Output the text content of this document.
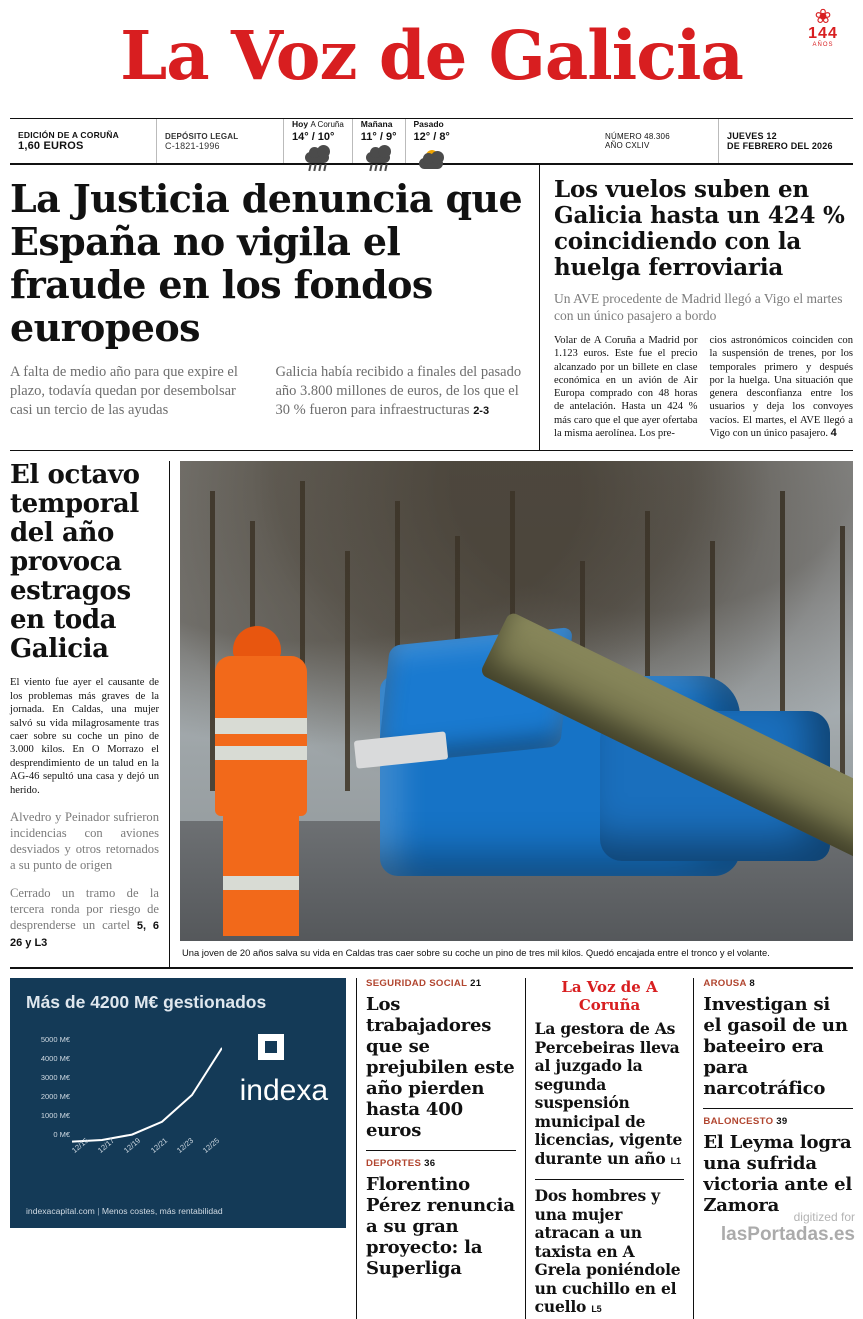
La Voz de Galicia	❀
144
AÑOS
EDICIÓN DE A CORUÑA
1,60 EUROS
DEPÓSITO LEGAL
C-1821-1996
Hoy A Coruña
14° / 10°
Mañana
11° / 9°
Pasado
12° / 8°	NÚMERO 48.306
AÑO CXLIV
JUEVES 12
DE FEBRERO DEL 2026
La Justicia denuncia que España no vigila el fraude en los fondos europeos

A falta de medio año para que expire el plazo, todavía quedan por desembolsar casi un tercio de las ayudas

Galicia había recibido a finales del pasado año 3.800 millones de euros, de los que el 30 % fueron para infraestructuras 2-3

Los vuelos suben en Galicia hasta un 424 % coincidiendo con la huelga ferroviaria

Un AVE procedente de Madrid llegó a Vigo el martes con un único pasajero a bordo

Volar de A Coruña a Madrid por 1.123 euros. Este fue el precio alcanzado por un billete en clase económica en un avión de Air Europa comprado con 48 horas de antelación. Hasta un 424 % más caro que el que ayer ofertaba la misma aerolínea. Los pre-

cios astronómicos coinciden con la suspensión de trenes, por los temporales primero y después por la huelga. Una situación que genera desconfianza entre los usuarios y deja los convoyes vacíos. El martes, el AVE llegó a Vigo con un único pasajero. 4

El octavo temporal del año provoca estragos en toda Galicia

El viento fue ayer el causante de los problemas más graves de la jornada. En Caldas, una mujer salvó su vida milagrosamente tras caer sobre su coche un pino de 3.000 kilos. En O Morrazo el desprendimiento de un talud en la AG-46 sepultó una casa y dejó un herido.

Alvedro y Peinador sufrieron incidencias con aviones desviados y otros retornados a su punto de origen

Cerrado un tramo de la tercera ronda por riesgo de desprenderse un cartel 5, 6 26 y L3

Una joven de 20 años salva su vida en Caldas tras caer sobre su coche un pino de tres mil kilos. Quedó encajada entre el tronco y el volante.
Más de 4200 M€ gestionados
5000 M€
4000 M€
3000 M€
2000 M€
1000 M€
0 M€
12/15 12/17 12/19 12/21 12/23 12/25
indexa
indexacapital.com | Menos costes, más rentabilidad
SEGURIDAD SOCIAL 21
Los trabajadores que se prejubilen este año pierden hasta 400 euros
DEPORTES 36
Florentino Pérez renuncia a su gran proyecto: la Superliga
La Voz de A Coruña
La gestora de As Percebeiras lleva al juzgado la segunda suspensión municipal de licencias, vigente durante un año L1
Dos hombres y una mujer atracan a un taxista en A Grela poniéndole un cuchillo en el cuello L5
AROUSA 8
Investigan si el gasoil de un bateeiro era para narcotráfico
BALONCESTO 39
El Leyma logra una sufrida victoria ante el Zamora
digitized for
lasPortadas.es
